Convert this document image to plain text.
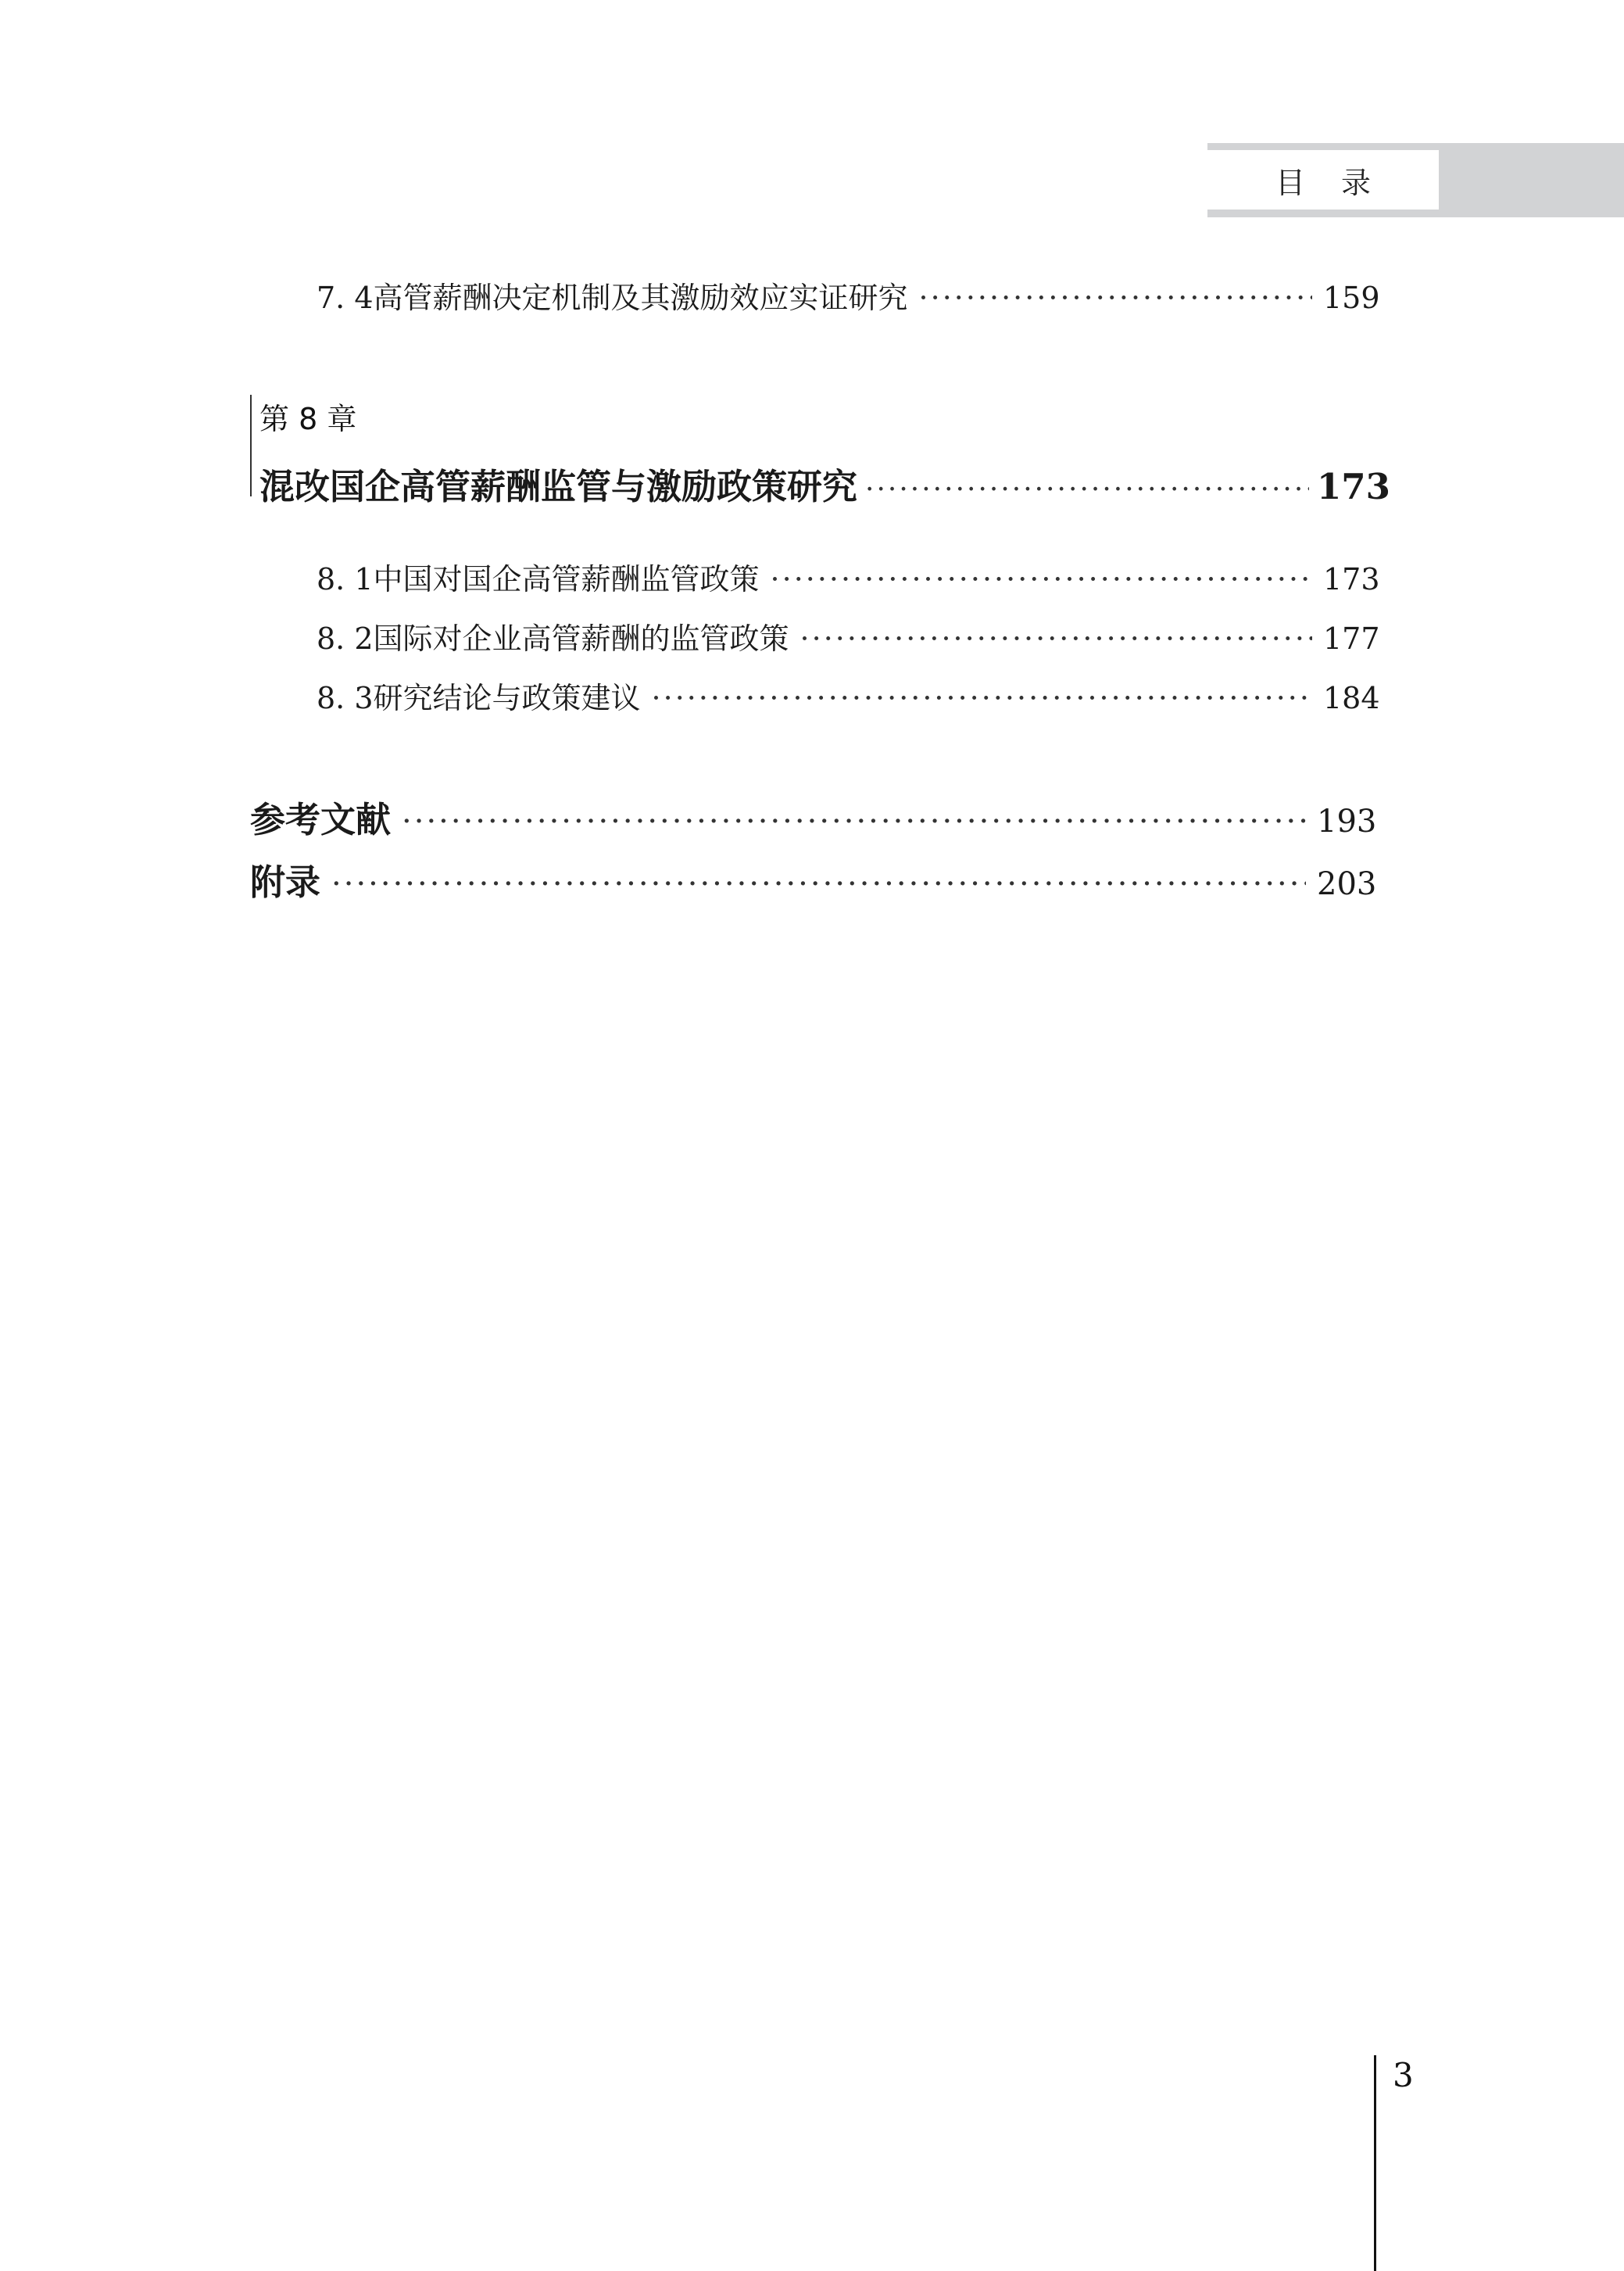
目录
7. 4 高管薪酬决定机制及其激励效应实证研究 ·····	159
第 8 章
混改国企高管薪酬监管与激励政策研究 ·····	173
8. 1 中国对国企高管薪酬监管政策 ·····	173
8. 2 国际对企业高管薪酬的监管政策 ·····	177
8. 3 研究结论与政策建议 ·····	184
参考文献 ·····	193
附录 ·····	203
3
